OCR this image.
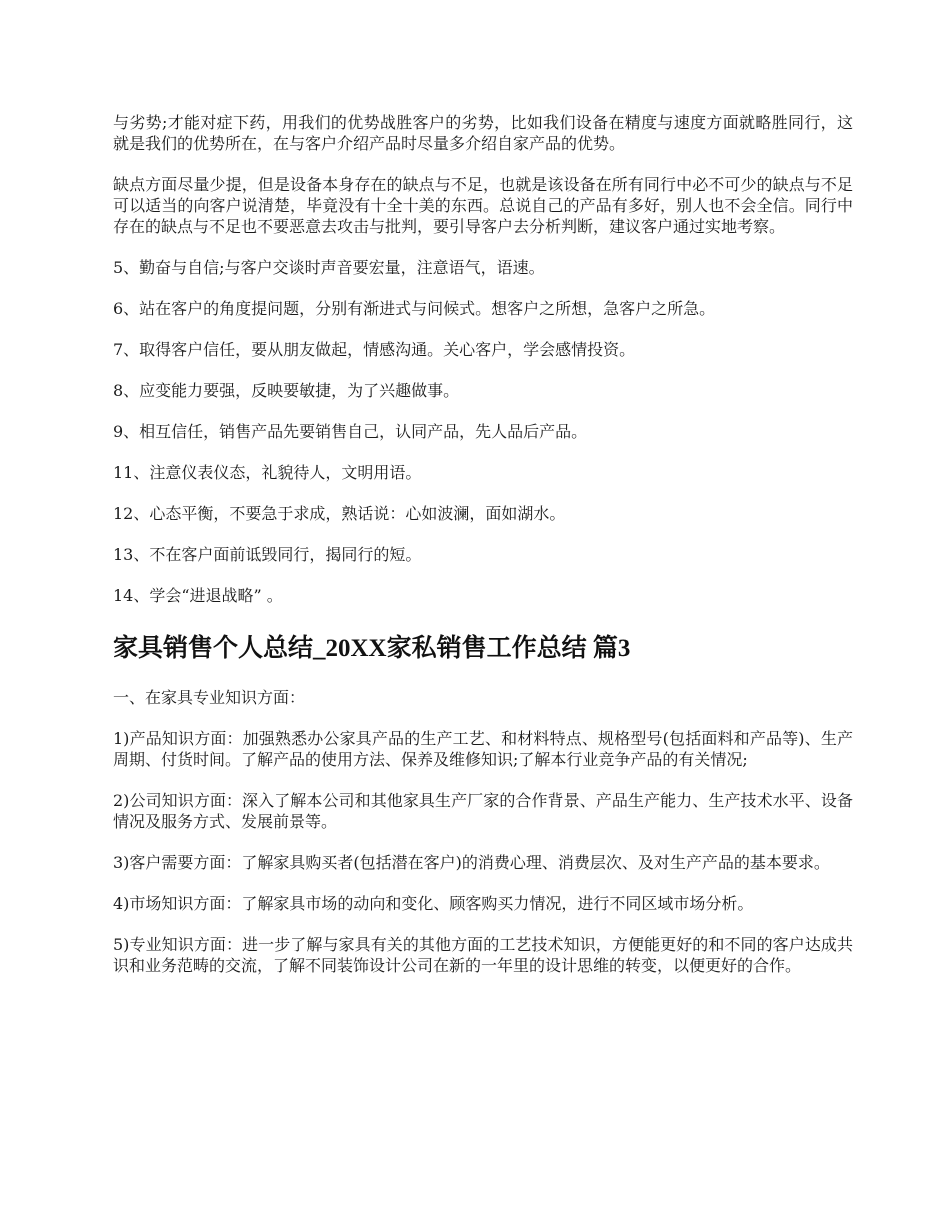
与劣势;才能对症下药，用我们的优势战胜客户的劣势，比如我们设备在精度与速度方面就略胜同行，这就是我们的优势所在，在与客户介绍产品时尽量多介绍自家产品的优势。

缺点方面尽量少提，但是设备本身存在的缺点与不足，也就是该设备在所有同行中必不可少的缺点与不足可以适当的向客户说清楚，毕竟没有十全十美的东西。总说自己的产品有多好，别人也不会全信。同行中存在的缺点与不足也不要恶意去攻击与批判，要引导客户去分析判断，建议客户通过实地考察。

5、勤奋与自信;与客户交谈时声音要宏量，注意语气，语速。

6、站在客户的角度提问题，分别有渐进式与问候式。想客户之所想，急客户之所急。

7、取得客户信任，要从朋友做起，情感沟通。关心客户，学会感情投资。

8、应变能力要强，反映要敏捷，为了兴趣做事。

9、相互信任，销售产品先要销售自己，认同产品，先人品后产品。

11、注意仪表仪态，礼貌待人，文明用语。

12、心态平衡，不要急于求成，熟话说：心如波澜，面如湖水。

13、不在客户面前诋毁同行，揭同行的短。

14、学会“进退战略” 。

家具销售个人总结_20XX家私销售工作总结 篇3

一、在家具专业知识方面：

1)产品知识方面：加强熟悉办公家具产品的生产工艺、和材料特点、规格型号(包括面料和产品等)、生产周期、付货时间。了解产品的使用方法、保养及维修知识;了解本行业竞争产品的有关情况;

2)公司知识方面：深入了解本公司和其他家具生产厂家的合作背景、产品生产能力、生产技术水平、设备情况及服务方式、发展前景等。

3)客户需要方面：了解家具购买者(包括潜在客户)的消费心理、消费层次、及对生产产品的基本要求。

4)市场知识方面：了解家具市场的动向和变化、顾客购买力情况，进行不同区域市场分析。

5)专业知识方面：进一步了解与家具有关的其他方面的工艺技术知识，方便能更好的和不同的客户达成共识和业务范畴的交流，了解不同装饰设计公司在新的一年里的设计思维的转变，以便更好的合作。
